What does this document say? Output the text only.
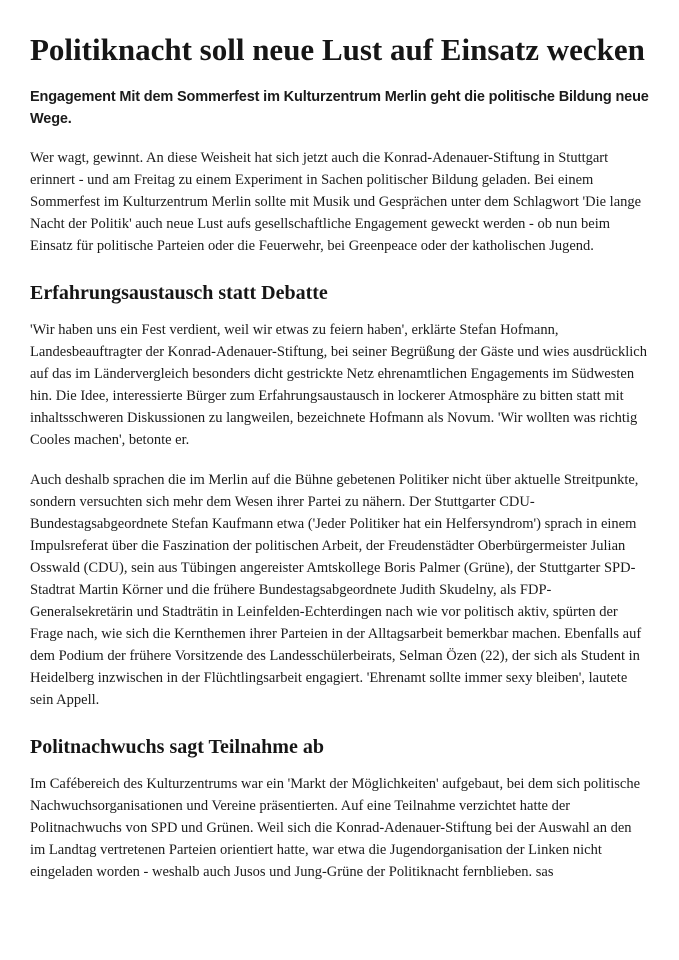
Politiknacht soll neue Lust auf Einsatz wecken

Engagement Mit dem Sommerfest im Kulturzentrum Merlin geht die politische Bildung neue Wege.

Wer wagt, gewinnt. An diese Weisheit hat sich jetzt auch die Konrad-Adenauer-Stiftung in Stuttgart erinnert - und am Freitag zu einem Experiment in Sachen politischer Bildung geladen. Bei einem Sommerfest im Kulturzentrum Merlin sollte mit Musik und Gesprächen unter dem Schlagwort 'Die lange Nacht der Politik' auch neue Lust aufs gesellschaftliche Engagement geweckt werden - ob nun beim Einsatz für politische Parteien oder die Feuerwehr, bei Greenpeace oder der katholischen Jugend.

Erfahrungsaustausch statt Debatte

'Wir haben uns ein Fest verdient, weil wir etwas zu feiern haben', erklärte Stefan Hofmann, Landesbeauftragter der Konrad-Adenauer-Stiftung, bei seiner Begrüßung der Gäste und wies ausdrücklich auf das im Ländervergleich besonders dicht gestrickte Netz ehrenamtlichen Engagements im Südwesten hin. Die Idee, interessierte Bürger zum Erfahrungsaustausch in lockerer Atmosphäre zu bitten statt mit inhaltsschweren Diskussionen zu langweilen, bezeichnete Hofmann als Novum. 'Wir wollten was richtig Cooles machen', betonte er.

Auch deshalb sprachen die im Merlin auf die Bühne gebetenen Politiker nicht über aktuelle Streitpunkte, sondern versuchten sich mehr dem Wesen ihrer Partei zu nähern. Der Stuttgarter CDU-Bundestagsabgeordnete Stefan Kaufmann etwa ('Jeder Politiker hat ein Helfersyndrom') sprach in einem Impulsreferat über die Faszination der politischen Arbeit, der Freudenstädter Oberbürgermeister Julian Osswald (CDU), sein aus Tübingen angereister Amtskollege Boris Palmer (Grüne), der Stuttgarter SPD-Stadtrat Martin Körner und die frühere Bundestagsabgeordnete Judith Skudelny, als FDP-Generalsekretärin und Stadträtin in Leinfelden-Echterdingen nach wie vor politisch aktiv, spürten der Frage nach, wie sich die Kernthemen ihrer Parteien in der Alltagsarbeit bemerkbar machen. Ebenfalls auf dem Podium der frühere Vorsitzende des Landesschülerbeirats, Selman Özen (22), der sich als Student in Heidelberg inzwischen in der Flüchtlingsarbeit engagiert. 'Ehrenamt sollte immer sexy bleiben', lautete sein Appell.

Politnachwuchs sagt Teilnahme ab

Im Cafébereich des Kulturzentrums war ein 'Markt der Möglichkeiten' aufgebaut, bei dem sich politische Nachwuchsorganisationen und Vereine präsentierten. Auf eine Teilnahme verzichtet hatte der Politnachwuchs von SPD und Grünen. Weil sich die Konrad-Adenauer-Stiftung bei der Auswahl an den im Landtag vertretenen Parteien orientiert hatte, war etwa die Jugendorganisation der Linken nicht eingeladen worden - weshalb auch Jusos und Jung-Grüne der Politiknacht fernblieben. sas
